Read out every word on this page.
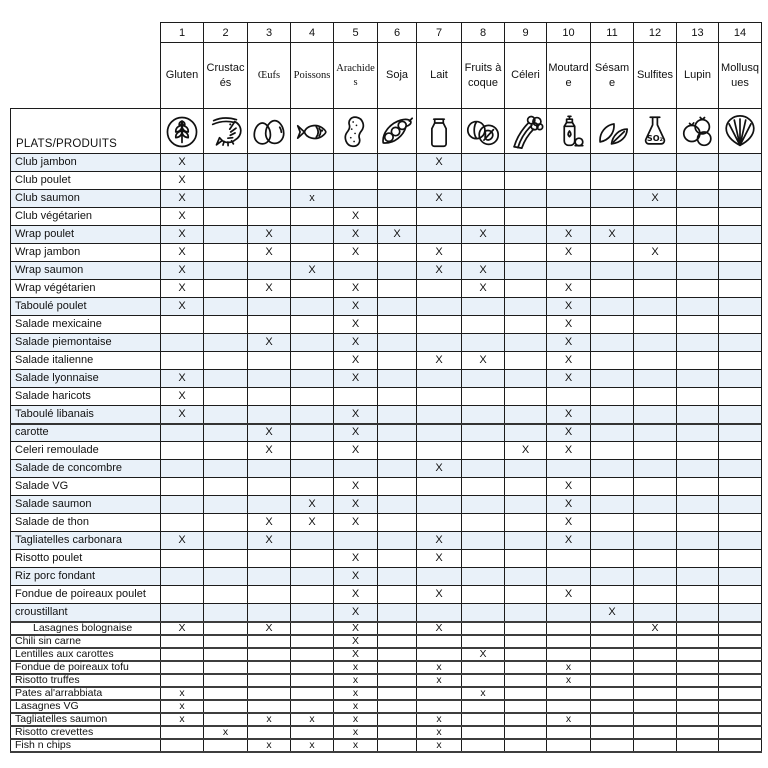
	1	2	3	4	5	6	7	8	9	10	11	12	13	14
	Gluten	Crustacés	Œufs	Poissons	Arachides	Soja	Lait	Fruits à coque	Céleri	Moutarde	Sésame	Sulfites	Lupin	Mollusques
PLATS/PRODUITS												SO₂

Club jambon	X						X							
Club poulet	X													
Club saumon	X			x			X					X		
Club végétarien	X				X									
Wrap poulet	X		X		X	X		X		X	X			
Wrap jambon	X		X		X		X			X		X		
Wrap saumon	X			X			X	X						
Wrap végétarien	X		X		X			X		X				
Taboulé poulet	X				X					X				
Salade mexicaine					X					X				
Salade piemontaise			X		X					X				
Salade italienne					X		X	X		X				
Salade lyonnaise	X				X					X				
Salade haricots	X													
Taboulé libanais	X				X					X				
carotte			X		X					X				
Celeri remoulade			X		X				X	X				
Salade de concombre							X							
Salade VG					X					X				
Salade saumon				X	X					X				
Salade de thon			X	X	X					X				
Tagliatelles carbonara	X		X				X			X				
Risotto poulet					X		X							
Riz porc fondant					X									
Fondue de poireaux poulet					X		X			X				
croustillant					X						X			
Lasagnes bolognaise	X		X		X		X					X		
Chili sin carne					X									
Lentilles aux carottes					X			X						
Fondue de poireaux tofu					x		x			x				
Risotto truffes					x		x			x				
Pates al'arrabbiata	x				x			x						
Lasagnes VG	x				x									
Tagliatelles saumon	x		x	x	x		x			x				
Risotto crevettes		x			x		x							
Fish n chips			x	x	x		x							
